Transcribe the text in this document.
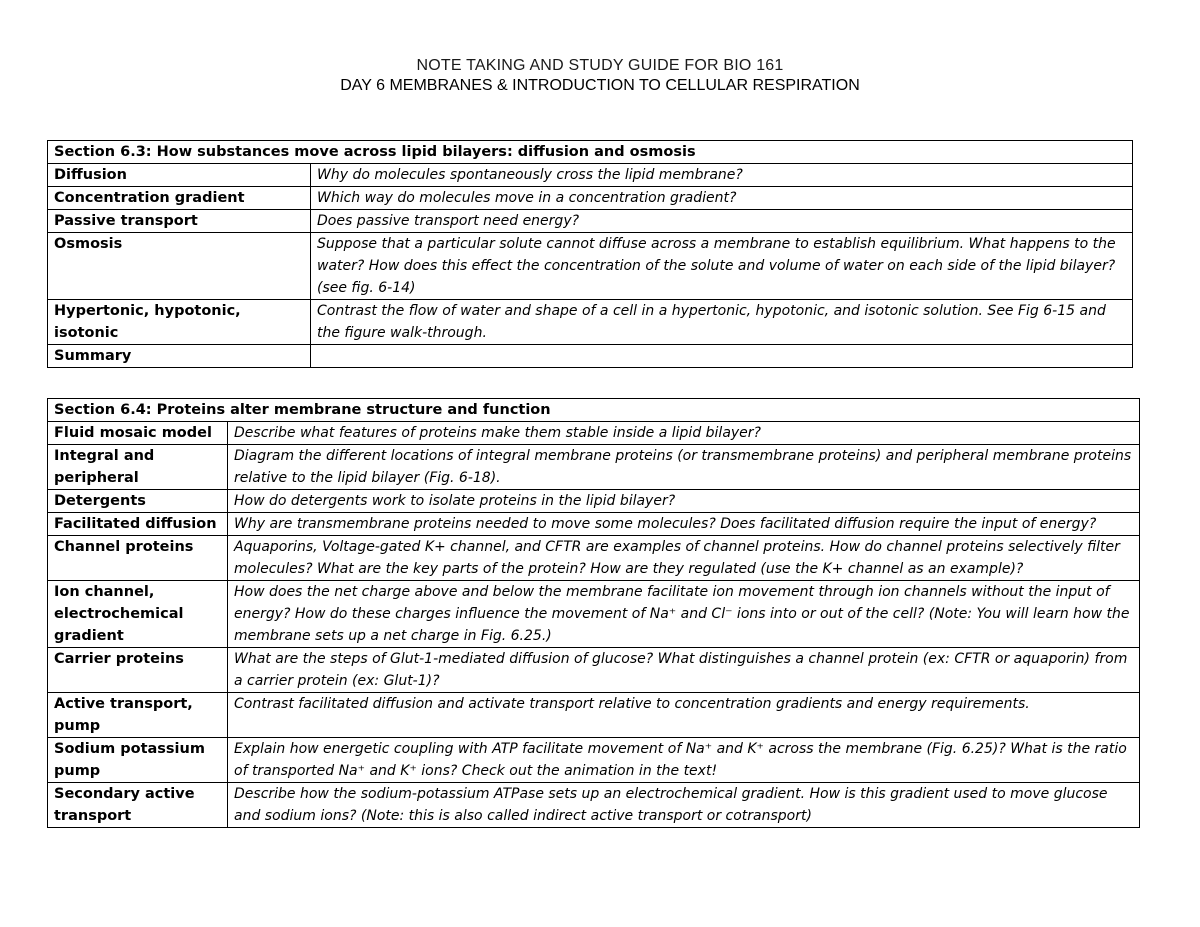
NOTE TAKING AND STUDY GUIDE FOR BIO 161
DAY 6 MEMBRANES & INTRODUCTION TO CELLULAR RESPIRATION
Section 6.3: How substances move across lipid bilayers: diffusion and osmosis	
Diffusion	Why do molecules spontaneously cross the lipid membrane?
Concentration gradient	Which way do molecules move in a concentration gradient?
Passive transport	Does passive transport need energy?
Osmosis	Suppose that a particular solute cannot diffuse across a membrane to establish equilibrium. What happens to the water? How does this effect the concentration of the solute and volume of water on each side of the lipid bilayer? (see fig. 6-14)
Hypertonic, hypotonic, isotonic	Contrast the flow of water and shape of a cell in a hypertonic, hypotonic, and isotonic solution. See Fig 6-15 and the figure walk-through.
Summary	
Section 6.4: Proteins alter membrane structure and function	
Fluid mosaic model	Describe what features of proteins make them stable inside a lipid bilayer?
Integral and peripheral	Diagram the different locations of integral membrane proteins (or transmembrane proteins) and peripheral membrane proteins relative to the lipid bilayer (Fig. 6-18).
Detergents	How do detergents work to isolate proteins in the lipid bilayer?
Facilitated diffusion	Why are transmembrane proteins needed to move some molecules? Does facilitated diffusion require the input of energy?
Channel proteins	Aquaporins, Voltage-gated K+ channel, and CFTR are examples of channel proteins. How do channel proteins selectively filter molecules? What are the key parts of the protein? How are they regulated (use the K+ channel as an example)?
Ion channel, electrochemical gradient	How does the net charge above and below the membrane facilitate ion movement through ion channels without the input of energy? How do these charges influence the movement of Na⁺ and Cl⁻ ions into or out of the cell? (Note: You will learn how the membrane sets up a net charge in Fig. 6.25.)
Carrier proteins	What are the steps of Glut-1-mediated diffusion of glucose? What distinguishes a channel protein (ex: CFTR or aquaporin) from a carrier protein (ex: Glut-1)?
Active transport, pump	Contrast facilitated diffusion and activate transport relative to concentration gradients and energy requirements.
Sodium potassium pump	Explain how energetic coupling with ATP facilitate movement of Na⁺ and K⁺ across the membrane (Fig. 6.25)? What is the ratio of transported Na⁺ and K⁺ ions? Check out the animation in the text!
Secondary active transport	Describe how the sodium-potassium ATPase sets up an electrochemical gradient. How is this gradient used to move glucose and sodium ions? (Note: this is also called indirect active transport or cotransport)
